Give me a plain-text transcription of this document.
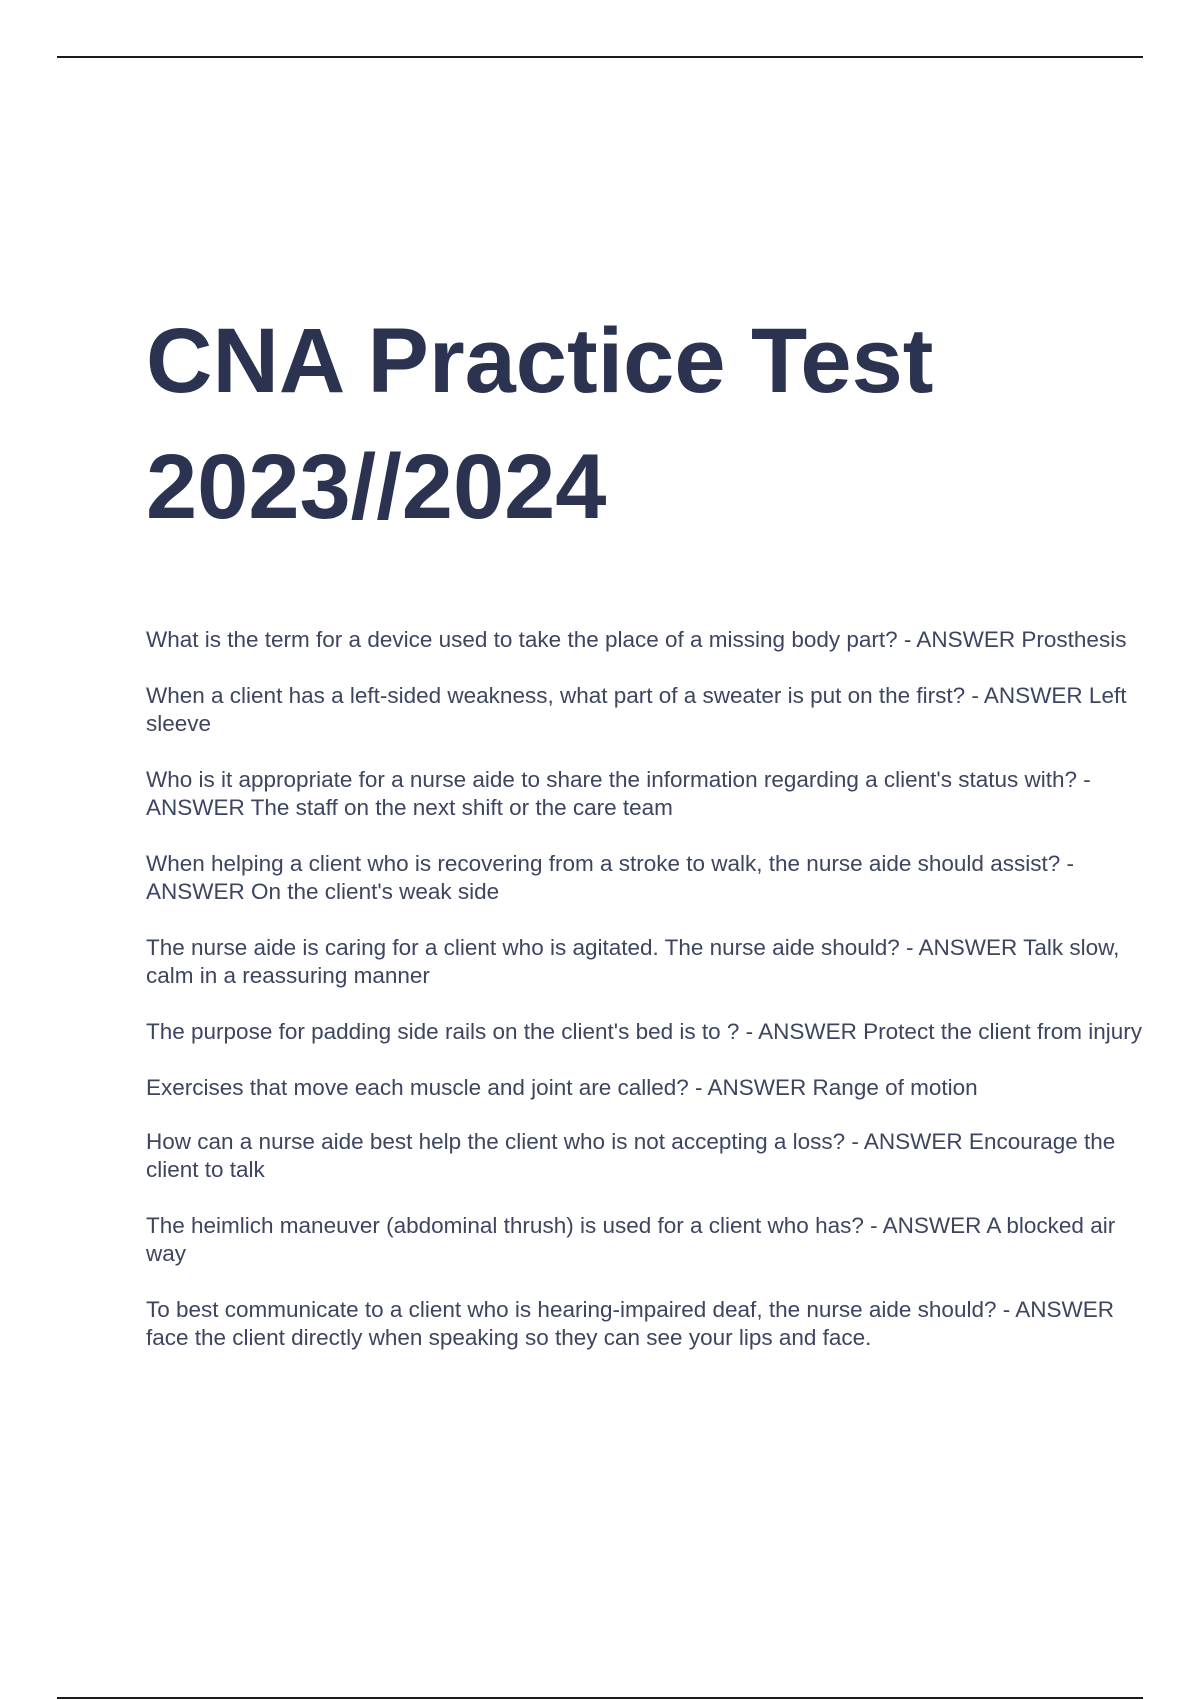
CNA Practice Test
2023//2024
What is the term for a device used to take the place of a missing body part? - ANSWER Prosthesis
When a client has a left-sided weakness, what part of a sweater is put on the first? - ANSWER Left sleeve
Who is it appropriate for a nurse aide to share the information regarding a client's status with? - ANSWER The staff on the next shift or the care team
When helping a client who is recovering from a stroke to walk, the nurse aide should assist? - ANSWER On the client's weak side
The nurse aide is caring for a client who is agitated. The nurse aide should? - ANSWER Talk slow, calm in a reassuring manner
The purpose for padding side rails on the client's bed is to ? - ANSWER Protect the client from injury
Exercises that move each muscle and joint are called? - ANSWER Range of motion
How can a nurse aide best help the client who is not accepting a loss? - ANSWER Encourage the client to talk
The heimlich maneuver (abdominal thrush) is used for a client who has? - ANSWER A blocked air way
To best communicate to a client who is hearing-impaired deaf, the nurse aide should? - ANSWER face the client directly when speaking so they can see your lips and face.
